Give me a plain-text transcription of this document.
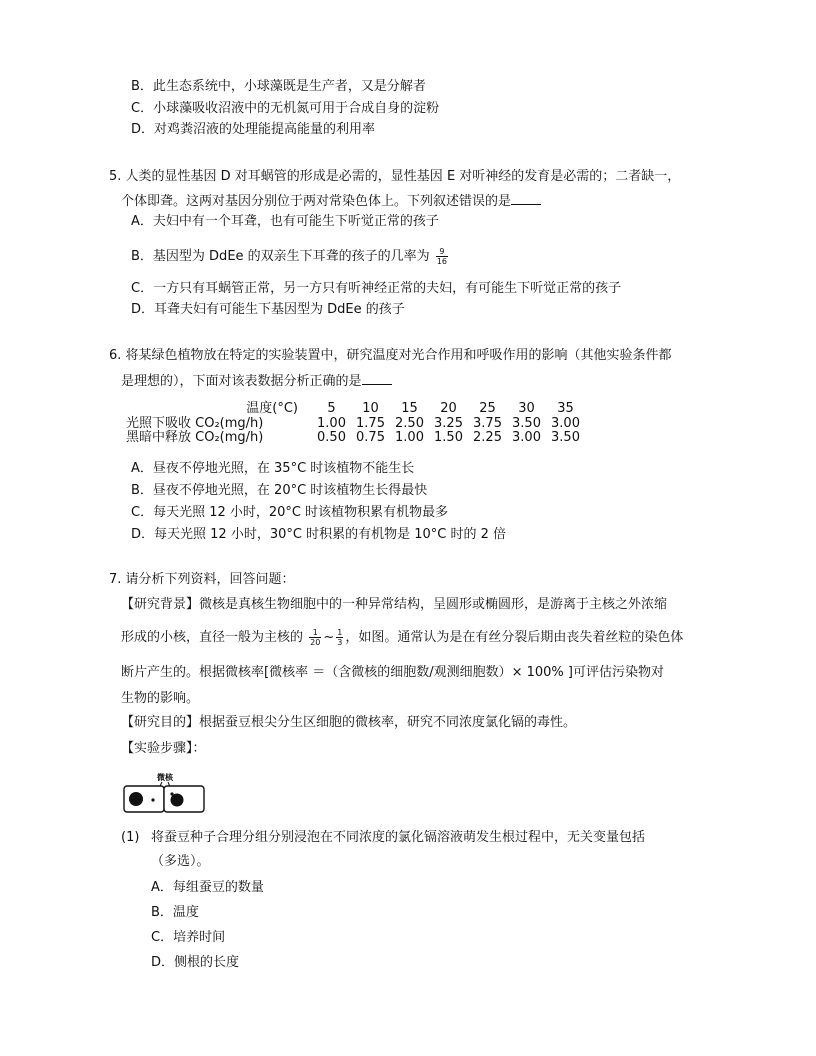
B．此生态系统中，小球藻既是生产者，又是分解者
C．小球藻吸收沼液中的无机氮可用于合成自身的淀粉
D．对鸡粪沼液的处理能提高能量的利用率
5. 人类的显性基因 D 对耳蜗管的形成是必需的，显性基因 E 对听神经的发育是必需的；二者缺一，
个体即聋。这两对基因分别位于两对常染色体上。下列叙述错误的是
A．夫妇中有一个耳聋，也有可能生下听觉正常的孩子
B．基因型为 DdEe 的双亲生下耳聋的孩子的几率为 $\frac{9}{16}$
C．一方只有耳蜗管正常，另一方只有听神经正常的夫妇，有可能生下听觉正常的孩子
D．耳聋夫妇有可能生下基因型为 DdEe 的孩子
6. 将某绿色植物放在特定的实验装置中，研究温度对光合作用和呼吸作用的影响（其他实验条件都
是理想的），下面对该表数据分析正确的是
温度(°C)	5	10	15	20	25	30	35
光照下吸收 CO₂(mg/h)	1.00	1.75	2.50	3.25	3.75	3.50	3.00
黑暗中释放 CO₂(mg/h)	0.50	0.75	1.00	1.50	2.25	3.00	3.50
A．昼夜不停地光照，在 35°C 时该植物不能生长
B．昼夜不停地光照，在 20°C 时该植物生长得最快
C．每天光照 12 小时，20°C 时该植物积累有机物最多
D．每天光照 12 小时，30°C 时积累的有机物是 10°C 时的 2 倍
7. 请分析下列资料，回答问题：
【研究背景】微核是真核生物细胞中的一种异常结构，呈圆形或椭圆形，是游离于主核之外浓缩
形成的小核，直径一般为主核的 $\frac{1}{20}$ ~ $\frac{1}{3}$ ，如图。通常认为是在有丝分裂后期由丧失着丝粒的染色体
断片产生的。根据微核率[微核率 ＝（含微核的细胞数/观测细胞数）× 100% ]可评估污染物对
生物的影响。
【研究目的】根据蚕豆根尖分生区细胞的微核率，研究不同浓度氯化镉的毒性。
【实验步骤】：
微核
(1) 将蚕豆种子合理分组分别浸泡在不同浓度的氯化镉溶液萌发生根过程中，无关变量包括
（多选）。
A．每组蚕豆的数量
B．温度
C．培养时间
D．侧根的长度
